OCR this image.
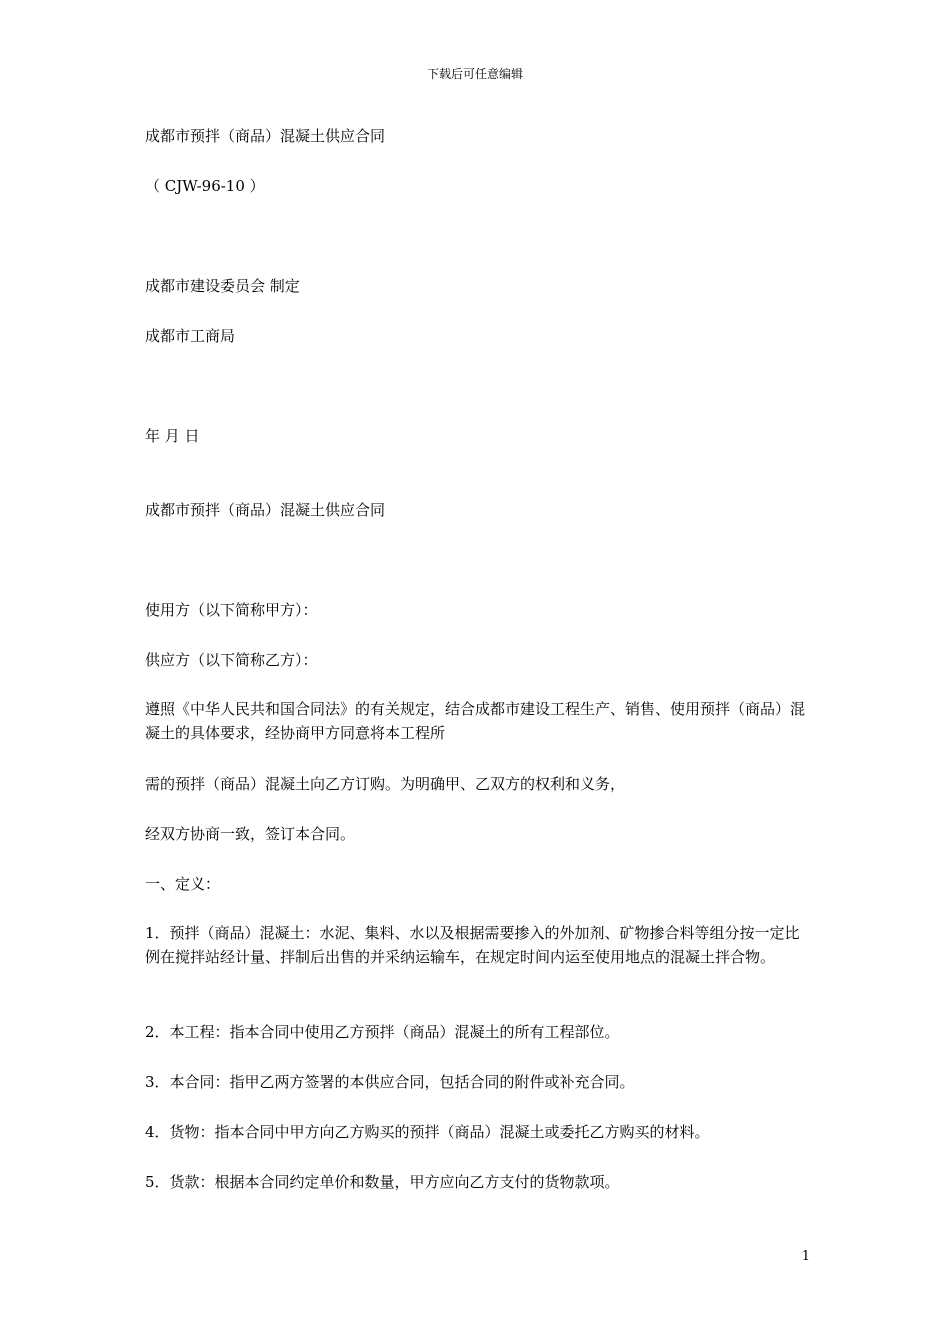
下载后可任意编辑

成都市预拌（商品）混凝土供应合同

（ CJW-96-10 ）

成都市建设委员会 制定

成都市工商局

年 月 日

成都市预拌（商品）混凝土供应合同

使用方（以下简称甲方）：

供应方（以下简称乙方）：

遵照《中华人民共和国合同法》的有关规定，结合成都市建设工程生产、销售、使用预拌（商品）混凝土的具体要求，经协商甲方同意将本工程所

需的预拌（商品）混凝土向乙方订购。为明确甲、乙双方的权利和义务，

经双方协商一致，签订本合同。

一、定义：

1．预拌（商品）混凝土：水泥、集料、水以及根据需要掺入的外加剂、矿物掺合料等组分按一定比例在搅拌站经计量、拌制后出售的并采纳运输车，在规定时间内运至使用地点的混凝土拌合物。

2．本工程：指本合同中使用乙方预拌（商品）混凝土的所有工程部位。

3．本合同：指甲乙两方签署的本供应合同，包括合同的附件或补充合同。

4．货物：指本合同中甲方向乙方购买的预拌（商品）混凝土或委托乙方购买的材料。

5．货款：根据本合同约定单价和数量，甲方应向乙方支付的货物款项。

1
